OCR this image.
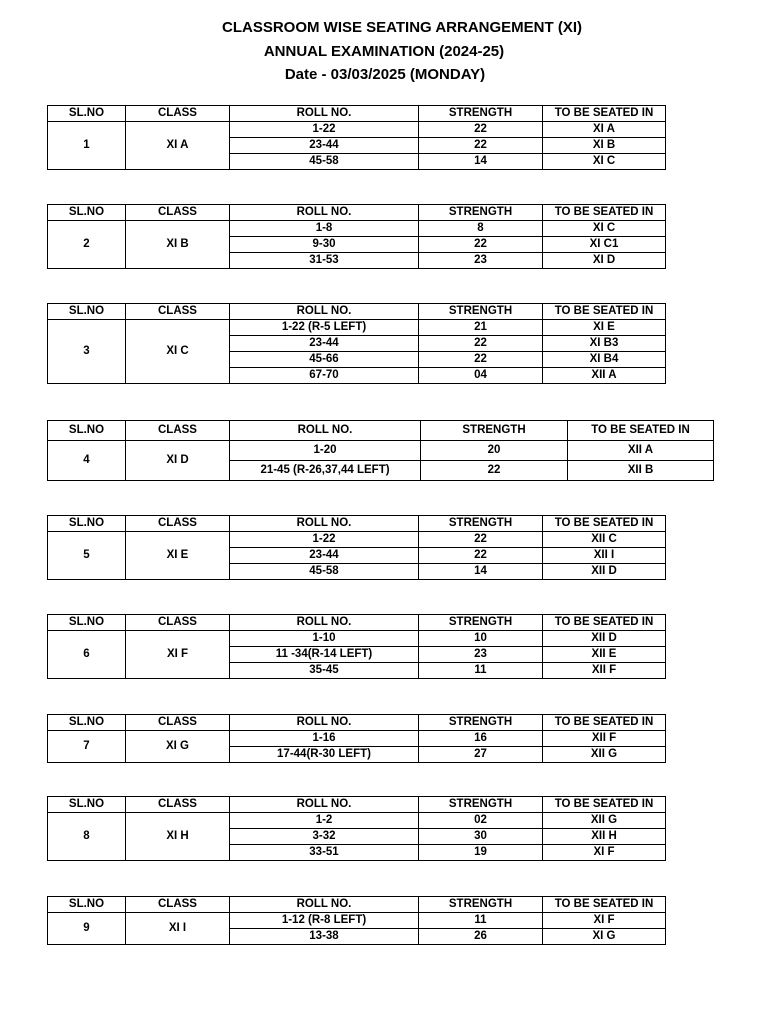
CLASSROOM WISE SEATING ARRANGEMENT (XI)
ANNUAL EXAMINATION (2024-25)
Date - 03/03/2025 (MONDAY)
SL.NO	CLASS	ROLL NO.	STRENGTH	TO BE SEATED IN
1	XI A	1-22	22	XI A
		23-44	22	XI B
		45-58	14	XI C
SL.NO	CLASS	ROLL NO.	STRENGTH	TO BE SEATED IN
2	XI B	1-8	8	XI C
		9-30	22	XI C1
		31-53	23	XI D
SL.NO	CLASS	ROLL NO.	STRENGTH	TO BE SEATED IN
3	XI C	1-22 (R-5 LEFT)	21	XI E
		23-44	22	XI B3
		45-66	22	XI B4
		67-70	04	XII A
SL.NO	CLASS	ROLL NO.	STRENGTH	TO BE SEATED IN
4	XI D	1-20	20	XII A
		21-45 (R-26,37,44 LEFT)	22	XII B
SL.NO	CLASS	ROLL NO.	STRENGTH	TO BE SEATED IN
5	XI E	1-22	22	XII C
		23-44	22	XII I
		45-58	14	XII D
SL.NO	CLASS	ROLL NO.	STRENGTH	TO BE SEATED IN
6	XI F	1-10	10	XII D
		11 -34(R-14 LEFT)	23	XII E
		35-45	11	XII F
SL.NO	CLASS	ROLL NO.	STRENGTH	TO BE SEATED IN
7	XI G	1-16	16	XII F
		17-44(R-30 LEFT)	27	XII G
SL.NO	CLASS	ROLL NO.	STRENGTH	TO BE SEATED IN
8	XI H	1-2	02	XII G
		3-32	30	XII H
		33-51	19	XI F
SL.NO	CLASS	ROLL NO.	STRENGTH	TO BE SEATED IN
9	XI I	1-12 (R-8 LEFT)	11	XI F
		13-38	26	XI G
